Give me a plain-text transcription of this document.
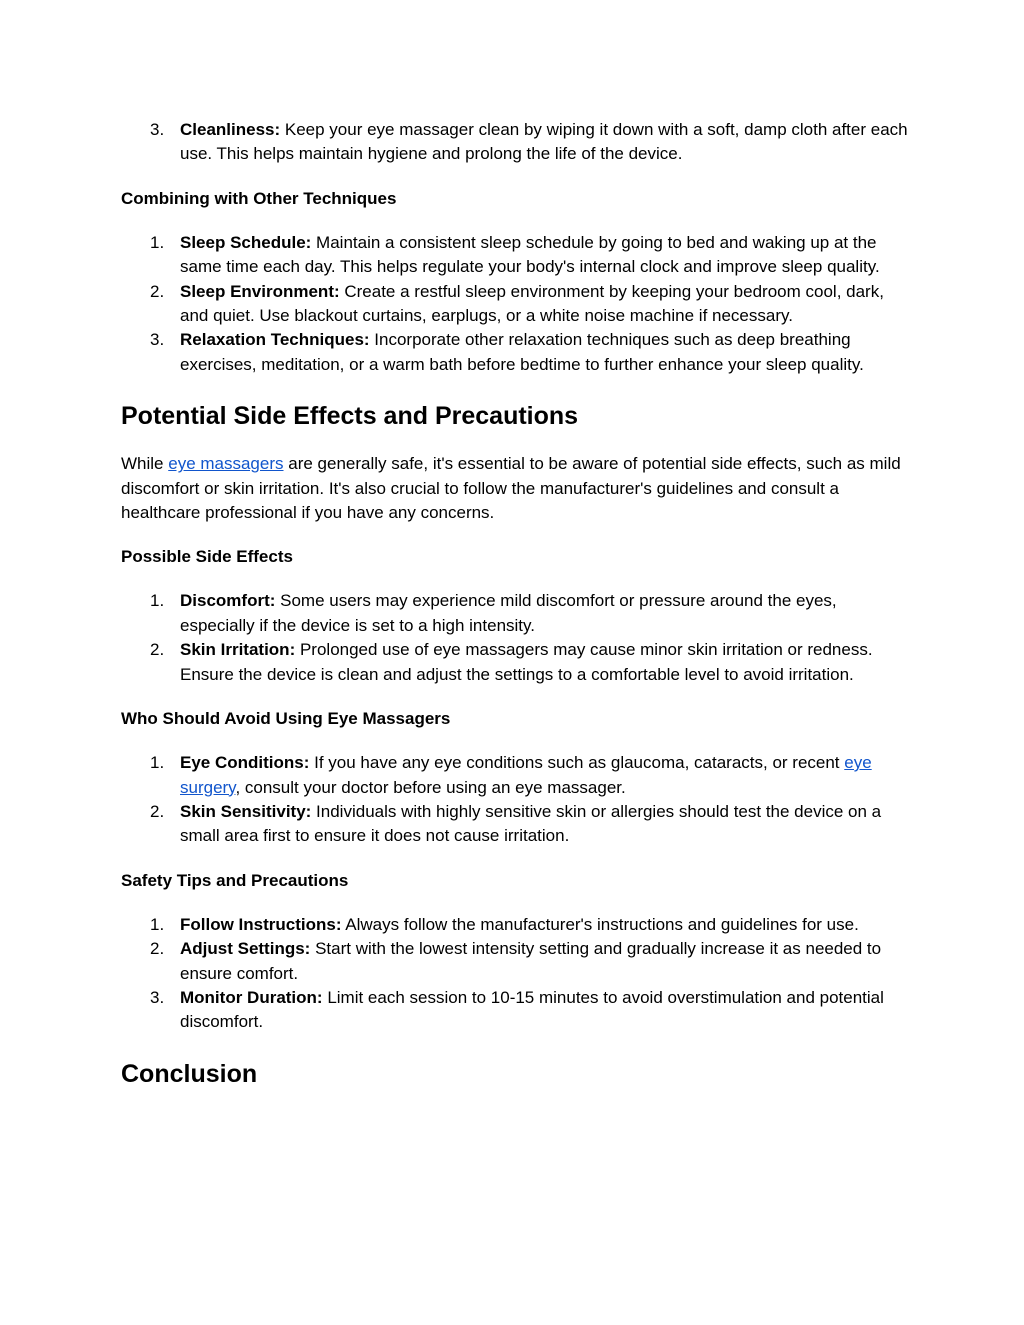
3. Cleanliness: Keep your eye massager clean by wiping it down with a soft, damp cloth after each use. This helps maintain hygiene and prolong the life of the device.
Combining with Other Techniques
1. Sleep Schedule: Maintain a consistent sleep schedule by going to bed and waking up at the same time each day. This helps regulate your body's internal clock and improve sleep quality.
2. Sleep Environment: Create a restful sleep environment by keeping your bedroom cool, dark, and quiet. Use blackout curtains, earplugs, or a white noise machine if necessary.
3. Relaxation Techniques: Incorporate other relaxation techniques such as deep breathing exercises, meditation, or a warm bath before bedtime to further enhance your sleep quality.
Potential Side Effects and Precautions

While eye massagers are generally safe, it's essential to be aware of potential side effects, such as mild discomfort or skin irritation. It's also crucial to follow the manufacturer's guidelines and consult a healthcare professional if you have any concerns.

Possible Side Effects
1. Discomfort: Some users may experience mild discomfort or pressure around the eyes, especially if the device is set to a high intensity.
2. Skin Irritation: Prolonged use of eye massagers may cause minor skin irritation or redness. Ensure the device is clean and adjust the settings to a comfortable level to avoid irritation.
Who Should Avoid Using Eye Massagers
1. Eye Conditions: If you have any eye conditions such as glaucoma, cataracts, or recent eye surgery, consult your doctor before using an eye massager.
2. Skin Sensitivity: Individuals with highly sensitive skin or allergies should test the device on a small area first to ensure it does not cause irritation.
Safety Tips and Precautions
1. Follow Instructions: Always follow the manufacturer's instructions and guidelines for use.
2. Adjust Settings: Start with the lowest intensity setting and gradually increase it as needed to ensure comfort.
3. Monitor Duration: Limit each session to 10-15 minutes to avoid overstimulation and potential discomfort.
Conclusion
